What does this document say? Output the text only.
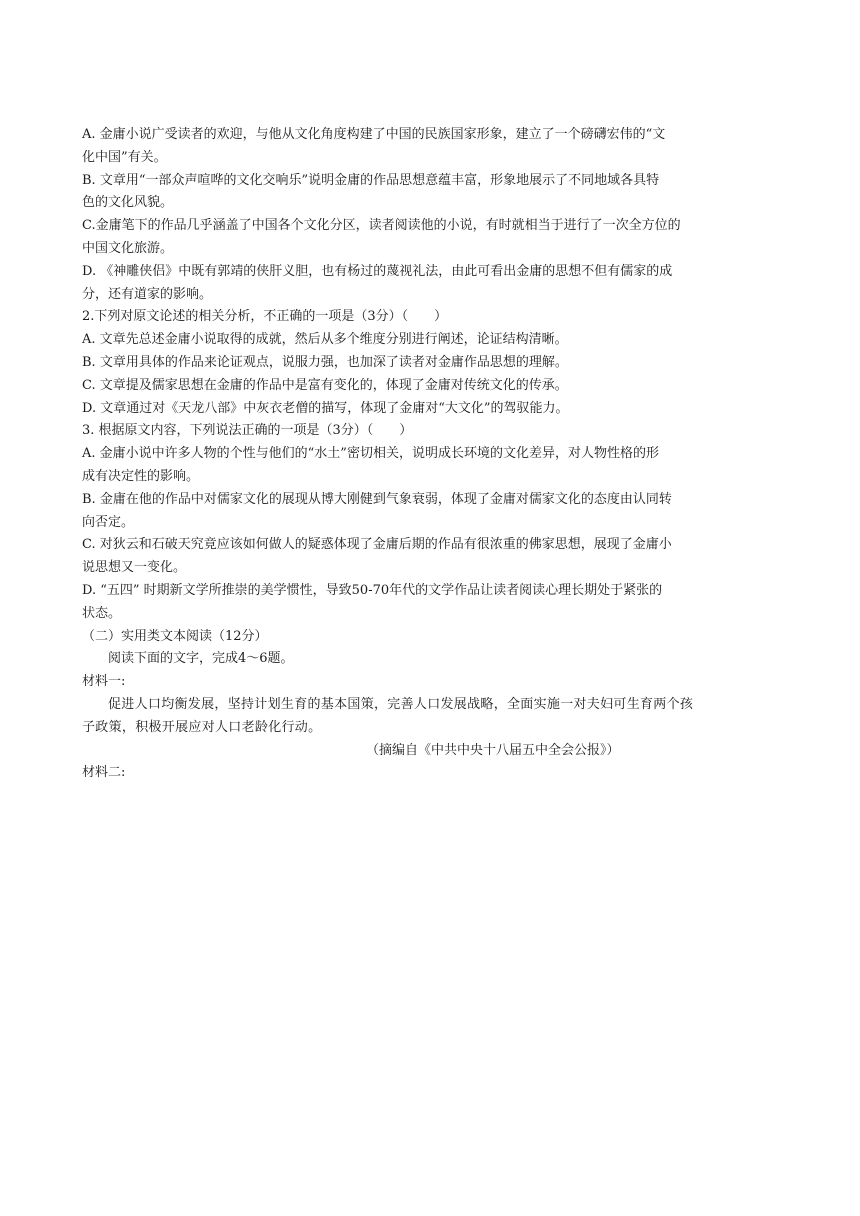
A. 金庸小说广受读者的欢迎，与他从文化角度构建了中国的民族国家形象，建立了一个磅礴宏伟的“文
化中国”有关。
B. 文章用“一部众声喧哗的文化交响乐”说明金庸的作品思想意蕴丰富，形象地展示了不同地域各具特
色的文化风貌。
C.金庸笔下的作品几乎涵盖了中国各个文化分区，读者阅读他的小说，有时就相当于进行了一次全方位的
中国文化旅游。
D. 《神雕侠侣》中既有郭靖的侠肝义胆，也有杨过的蔑视礼法，由此可看出金庸的思想不但有儒家的成
分，还有道家的影响。
2.下列对原文论述的相关分析，不正确的一项是（3分）（　　）
A. 文章先总述金庸小说取得的成就，然后从多个维度分别进行阐述，论证结构清晰。
B. 文章用具体的作品来论证观点，说服力强，也加深了读者对金庸作品思想的理解。
C. 文章提及儒家思想在金庸的作品中是富有变化的，体现了金庸对传统文化的传承。
D. 文章通过对《天龙八部》中灰衣老僧的描写，体现了金庸对“大文化”的驾驭能力。
3. 根据原文内容，下列说法正确的一项是（3分）（　　）
A. 金庸小说中许多人物的个性与他们的“水土”密切相关，说明成长环境的文化差异，对人物性格的形
成有决定性的影响。
B. 金庸在他的作品中对儒家文化的展现从博大刚健到气象衰弱，体现了金庸对儒家文化的态度由认同转
向否定。
C. 对狄云和石破天究竟应该如何做人的疑惑体现了金庸后期的作品有很浓重的佛家思想，展现了金庸小
说思想又一变化。
D. “五四” 时期新文学所推崇的美学惯性，导致50-70年代的文学作品让读者阅读心理长期处于紧张的
状态。
（二）实用类文本阅读（12分）
阅读下面的文字，完成4～6题。
材料一:
促进人口均衡发展，坚持计划生育的基本国策，完善人口发展战略，全面实施一对夫妇可生育两个孩
子政策，积极开展应对人口老龄化行动。
（摘编自《中共中央十八届五中全会公报》）
材料二:
